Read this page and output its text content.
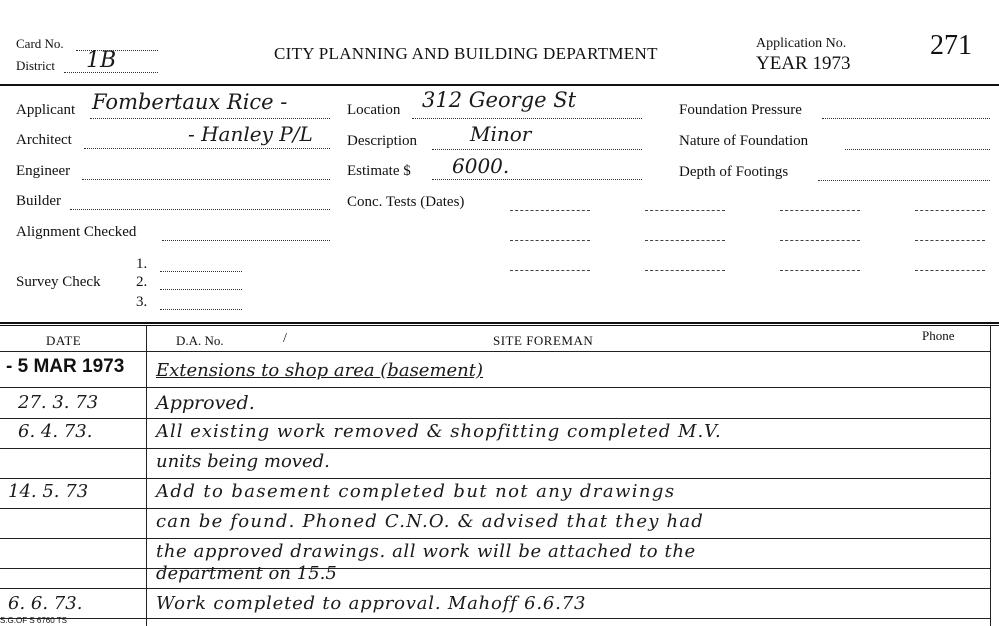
Card No.
District 1B	CITY PLANNING AND BUILDING DEPARTMENT
Application No.
YEAR 1973
271
Applicant Fombertaux Rice -
Architect	- Hanley P/L
Engineer
Builder
Alignment Checked
Survey Check
1.
2.
3.
Location 312 George St
Description	Minor
Estimate $ 6000.
Conc. Tests (Dates)
Foundation Pressure
Nature of Foundation
Depth of Footings
DATE	D.A. No.	/	SITE FOREMAN	Phone
- 5 MAR 1973 Extensions to shop area (basement)
27. 3. 73	Approved.
6. 4. 73.	All existing work removed & shopfitting completed M.V.
units being moved.
14. 5. 73	Add to basement completed but not any drawings
can be found. Phoned C.N.O. & advised that they had
the approved drawings. all work will be attached to the
department on 15.5
6. 6. 73.	Work completed to approval. Mahoff 6.6.73
S.G.OF S 6760 TS
